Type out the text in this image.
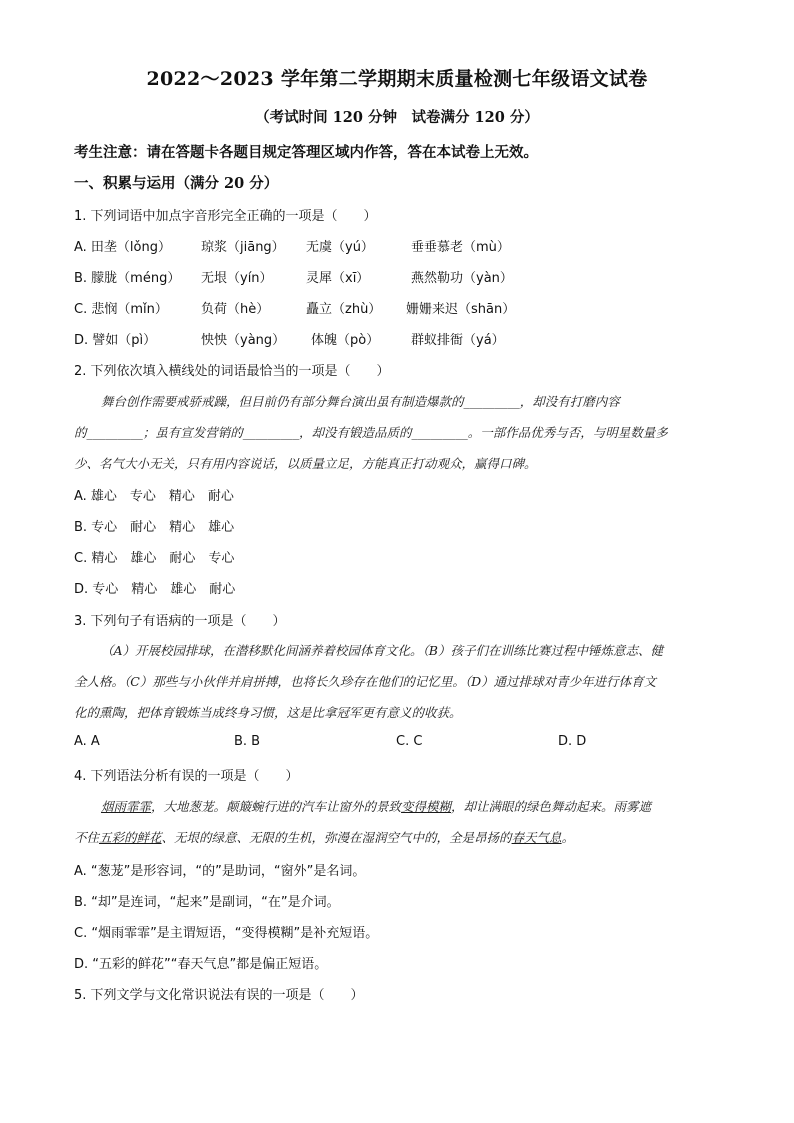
2022～2023 学年第二学期期末质量检测七年级语文试卷
（考试时间 120 分钟　试卷满分 120 分）
考生注意：请在答题卡各题目规定答理区域内作答，答在本试卷上无效。
一、积累与运用（满分 20 分）
1. 下列词语中加点字音形完全正确的一项是（　　）
A. 田垄（lǒng） 琼浆（jiāng） 无虞（yú）	垂垂慕老（mù）
B. 朦胧（méng） 无垠（yín）	灵犀（xī）	燕然勒功（yàn）
C. 悲悯（mǐn）	负荷（hè）	矗立（zhù） 姗姗来迟（shān）
D. 譬如（pì）	怏怏（yàng） 体魄（pò） 群蚁排衙（yá）
2. 下列依次填入横线处的词语最恰当的一项是（　　）
舞台创作需要戒骄戒躁，但目前仍有部分舞台演出虽有制造爆款的_________，却没有打磨内容
的_________；虽有宣发营销的_________，却没有锻造品质的_________。一部作品优秀与否，与明星数量多
少、名气大小无关，只有用内容说话，以质量立足，方能真正打动观众，赢得口碑。
A. 雄心　专心　精心　耐心
B. 专心　耐心　精心　雄心
C. 精心　雄心　耐心　专心
D. 专心　精心　雄心　耐心
3. 下列句子有语病的一项是（　　）
（A）开展校园排球，在潜移默化间涵养着校园体育文化。（B）孩子们在训练比赛过程中锤炼意志、健
全人格。（C）那些与小伙伴并肩拼搏，也将长久珍存在他们的记忆里。（D）通过排球对青少年进行体育文
化的熏陶，把体育锻炼当成终身习惯，这是比拿冠军更有意义的收获。
A. A	B. B	C. C	D. D
4. 下列语法分析有误的一项是（　　）
烟雨霏霏，大地葱茏。颠簸蜿行进的汽车让窗外的景致变得模糊，却让满眼的绿色舞动起来。雨雾遮
不住五彩的鲜花、无垠的绿意、无限的生机，弥漫在湿润空气中的，全是昂扬的春天气息。
A. “葱茏”是形容词，“的”是助词，“窗外”是名词。
B. “却”是连词，“起来”是副词，“在”是介词。
C. “烟雨霏霏”是主谓短语，“变得模糊”是补充短语。
D. “五彩的鲜花”“春天气息”都是偏正短语。
5. 下列文学与文化常识说法有误的一项是（　　）
